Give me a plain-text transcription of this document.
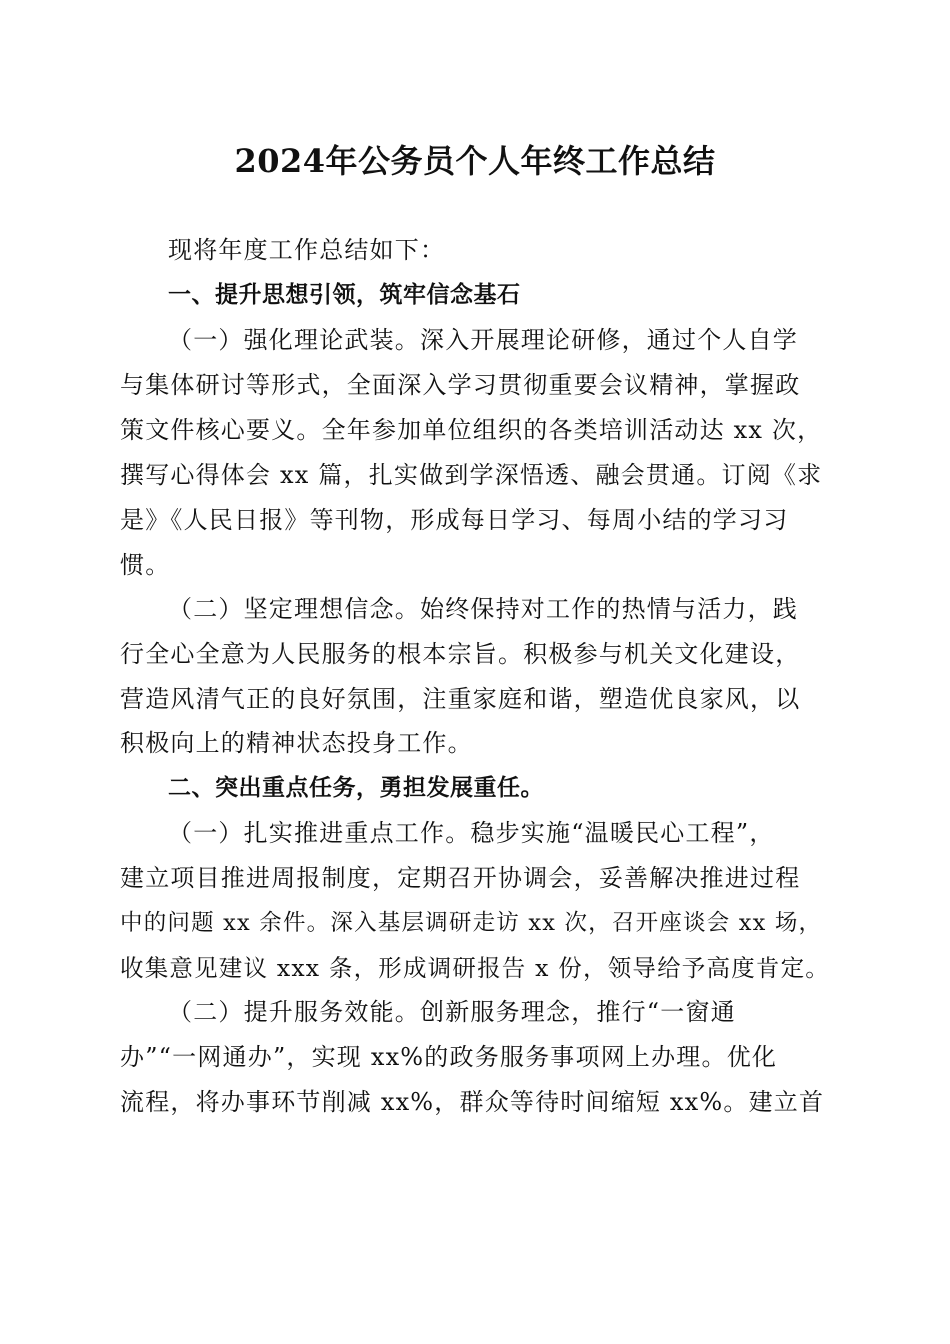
2024年公务员个人年终工作总结
现将年度工作总结如下：
一、提升思想引领，筑牢信念基石
（一）强化理论武装。深入开展理论研修，通过个人自学
与集体研讨等形式，全面深入学习贯彻重要会议精神，掌握政
策文件核心要义。全年参加单位组织的各类培训活动达 xx 次，
撰写心得体会 xx 篇，扎实做到学深悟透、融会贯通。订阅《求
是》《人民日报》等刊物，形成每日学习、每周小结的学习习
惯。
（二）坚定理想信念。始终保持对工作的热情与活力，践
行全心全意为人民服务的根本宗旨。积极参与机关文化建设，
营造风清气正的良好氛围，注重家庭和谐，塑造优良家风，以
积极向上的精神状态投身工作。
二、突出重点任务，勇担发展重任。
（一）扎实推进重点工作。稳步实施“温暖民心工程”，
建立项目推进周报制度，定期召开协调会，妥善解决推进过程
中的问题 xx 余件。深入基层调研走访 xx 次，召开座谈会 xx 场，
收集意见建议 xxx 条，形成调研报告 x 份，领导给予高度肯定。
（二）提升服务效能。创新服务理念，推行“一窗通
办”“一网通办”，实现 xx%的政务服务事项网上办理。优化
流程，将办事环节削减 xx%，群众等待时间缩短 xx%。建立首
